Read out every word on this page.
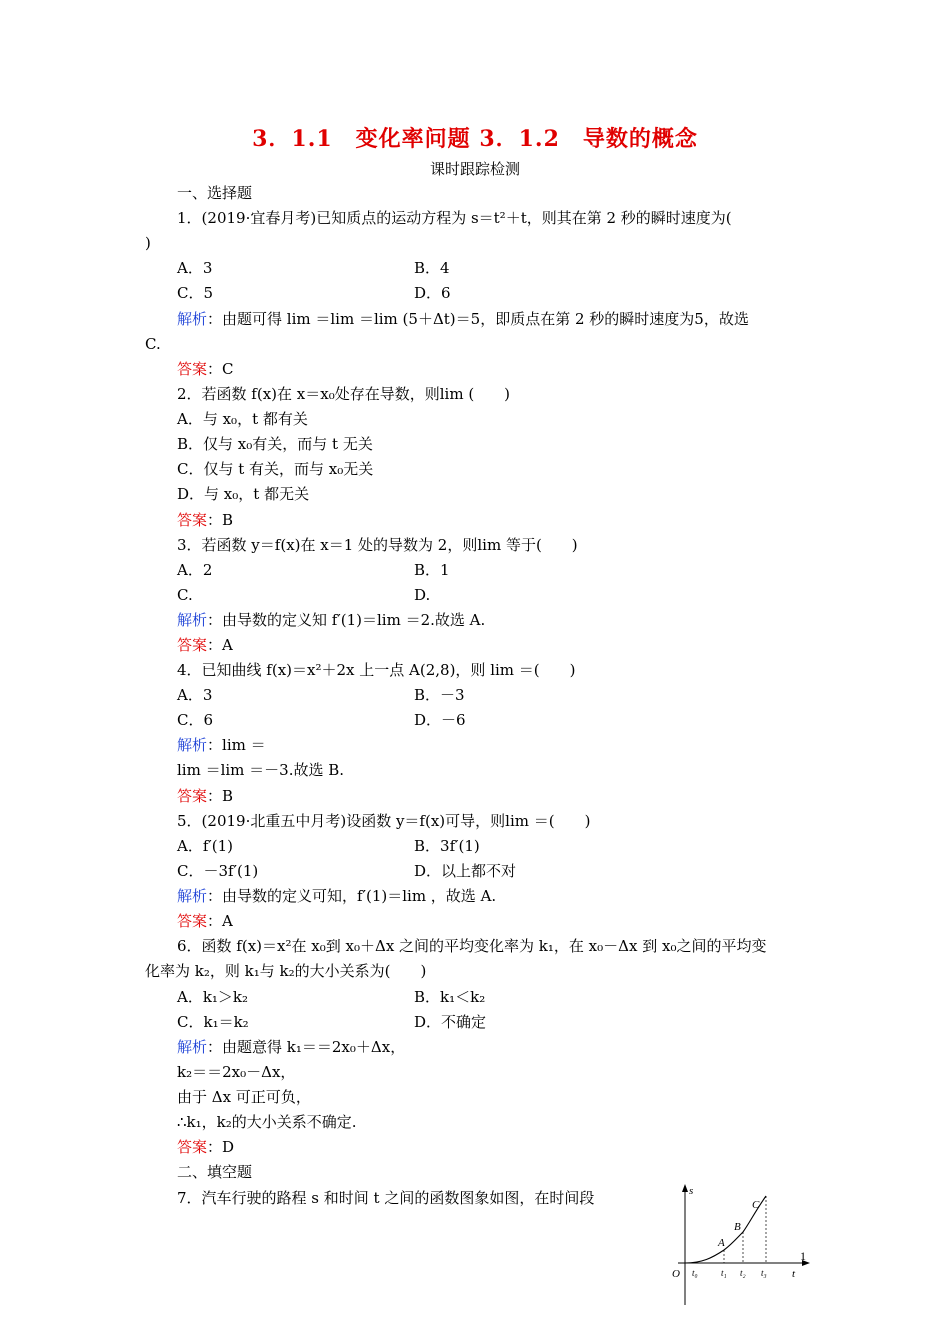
3．1.1　变化率问题 3．1.2　导数的概念
课时跟踪检测
一、选择题
1．(2019·宜春月考)已知质点的运动方程为 s＝t²＋t，则其在第 2 秒的瞬时速度为(
)
A．3	B．4
C．5	D．6
解析：由题可得 lim ＝lim ＝lim (5＋Δt)＝5，即质点在第 2 秒的瞬时速度为5，故选
C.
答案：C
2．若函数 f(x)在 x＝x₀处存在导数，则lim (　　)
A．与 x₀，t 都有关
B．仅与 x₀有关，而与 t 无关
C．仅与 t 有关，而与 x₀无关
D．与 x₀，t 都无关
答案：B
3．若函数 y＝f(x)在 x＝1 处的导数为 2，则lim 等于(　　)
A．2	B．1
C.	D.
解析：由导数的定义知 f′(1)＝lim ＝2.故选 A.
答案：A
4．已知曲线 f(x)＝x²＋2x 上一点 A(2,8)，则 lim ＝(　　)
A．3	B．－3
C．6	D．－6
解析：lim ＝
lim ＝lim ＝－3.故选 B.
答案：B
5．(2019·北重五中月考)设函数 y＝f(x)可导，则lim ＝(　　)
A．f′(1)	B．3f′(1)
C．－3f′(1)	D．以上都不对
解析：由导数的定义可知，f′(1)＝lim ，故选 A.
答案：A
6．函数 f(x)＝x²在 x₀到 x₀＋Δx 之间的平均变化率为 k₁，在 x₀－Δx 到 x₀之间的平均变
化率为 k₂，则 k₁与 k₂的大小关系为(　　)
A．k₁＞k₂	B．k₁＜k₂
C．k₁＝k₂	D．不确定
解析：由题意得 k₁＝＝2x₀＋Δx，
k₂＝＝2x₀－Δx，
由于 Δx 可正可负，
∴k₁，k₂的大小关系不确定.
答案：D
二、填空题
7．汽车行驶的路程 s 和时间 t 之间的函数图象如图，在时间段	s
t
1
O
A
B
C
t₀	t₁ t₂ t₃
